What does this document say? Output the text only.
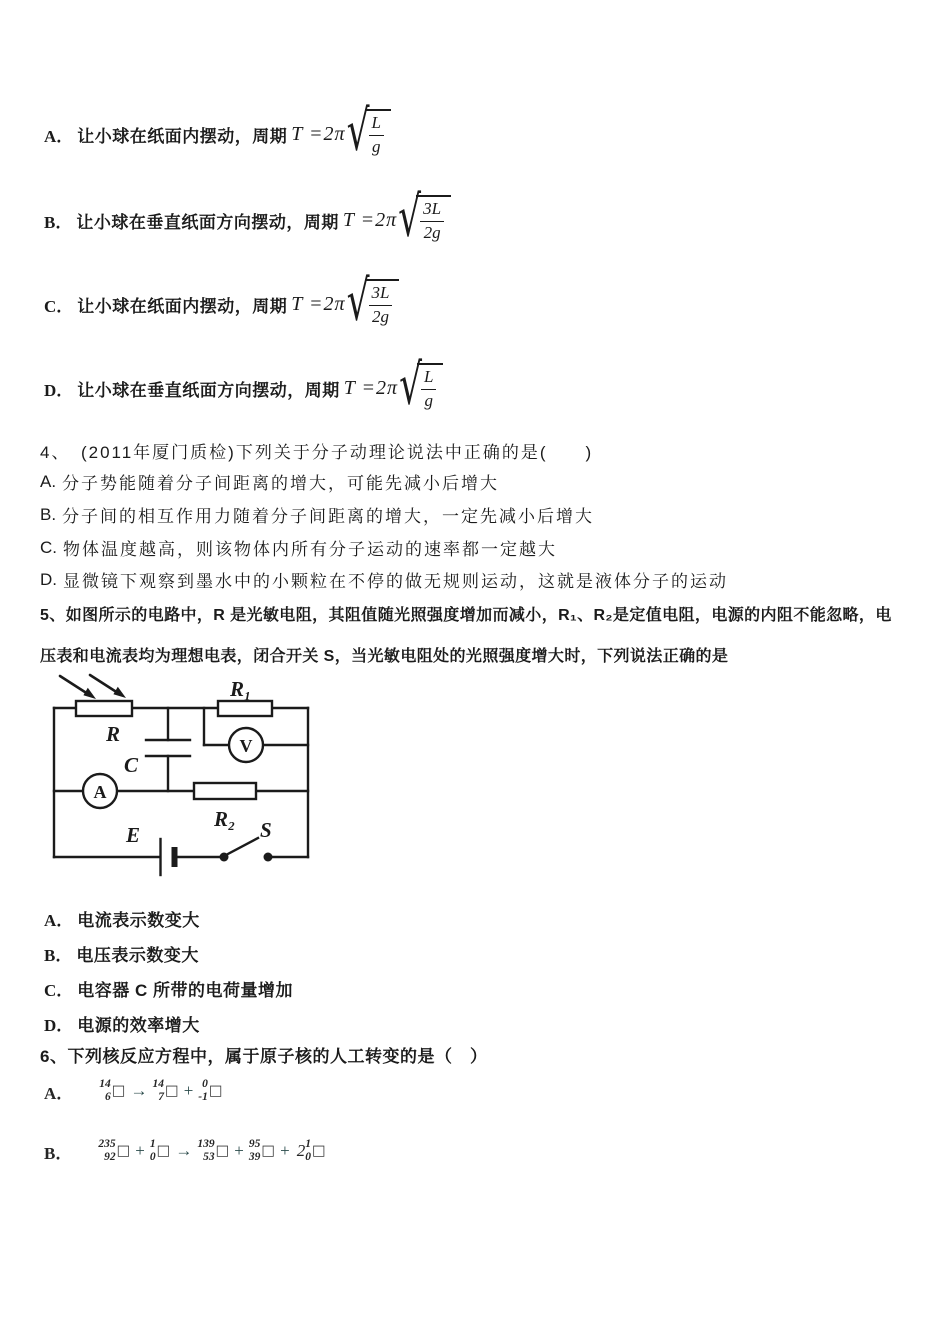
A． 让小球在纸面内摆动，周期 T =2π √ $\frac{L}{g}$
B． 让小球在垂直纸面方向摆动，周期 T =2π √ $\frac{3L}{2g}$
C． 让小球在纸面内摆动，周期 T =2π √ $\frac{3L}{2g}$
D． 让小球在垂直纸面方向摆动，周期 T =2π √ $\frac{L}{g}$
4、　(2011年厦门质检)下列关于分子动理论说法中正确的是(　　)
A. 分子势能随着分子间距离的增大，可能先减小后增大
B. 分子间的相互作用力随着分子间距离的增大，一定先减小后增大
C. 物体温度越高，则该物体内所有分子运动的速率都一定越大
D. 显微镜下观察到墨水中的小颗粒在不停的做无规则运动，这就是液体分子的运动
5、如图所示的电路中，R 是光敏电阻，其阻值随光照强度增加而减小，R₁、R₂是定值电阻，电源的内阻不能忽略，电
压表和电流表均为理想电表，闭合开关 S，当光敏电阻处的光照强度增大时，下列说法正确的是
R
C
A
V
R₁
R₂
E	S
A． 电流表示数变大
B． 电压表示数变大
C． 电容器 C 所带的电荷量增加
D． 电源的效率增大
6、下列核反应方程中，属于原子核的人工转变的是（　）
A． 14
6 □ → 14
7 □ + 0
-1 □
B． 235
92 □ + 1
0 □ → 139
53 □ + 95
39 □ + 2 1
0 □
